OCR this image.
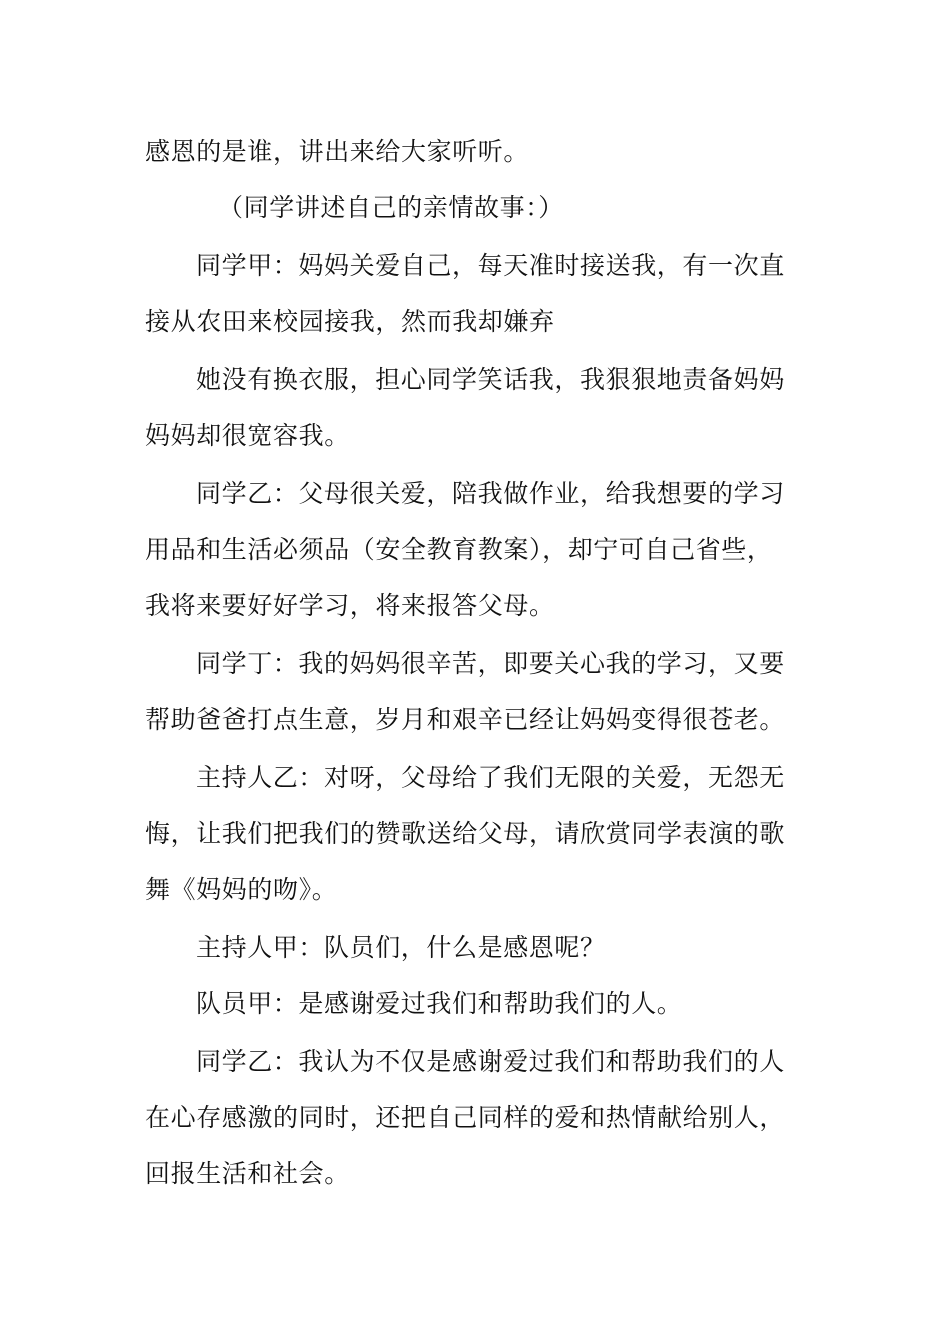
感恩的是谁，讲出来给大家听听。
（同学讲述自己的亲情故事：）
同学甲：妈妈关爱自己，每天准时接送我，有一次直
接从农田来校园接我，然而我却嫌弃
她没有换衣服，担心同学笑话我，我狠狠地责备妈妈
妈妈却很宽容我。
同学乙：父母很关爱，陪我做作业，给我想要的学习
用品和生活必须品（安全教育教案），却宁可自己省些，
我将来要好好学习，将来报答父母。
同学丁：我的妈妈很辛苦，即要关心我的学习，又要
帮助爸爸打点生意，岁月和艰辛已经让妈妈变得很苍老。
主持人乙：对呀，父母给了我们无限的关爱，无怨无
悔，让我们把我们的赞歌送给父母，请欣赏同学表演的歌
舞《妈妈的吻》。
主持人甲：队员们，什么是感恩呢？
队员甲：是感谢爱过我们和帮助我们的人。
同学乙：我认为不仅是感谢爱过我们和帮助我们的人
在心存感激的同时，还把自己同样的爱和热情献给别人，
回报生活和社会。
